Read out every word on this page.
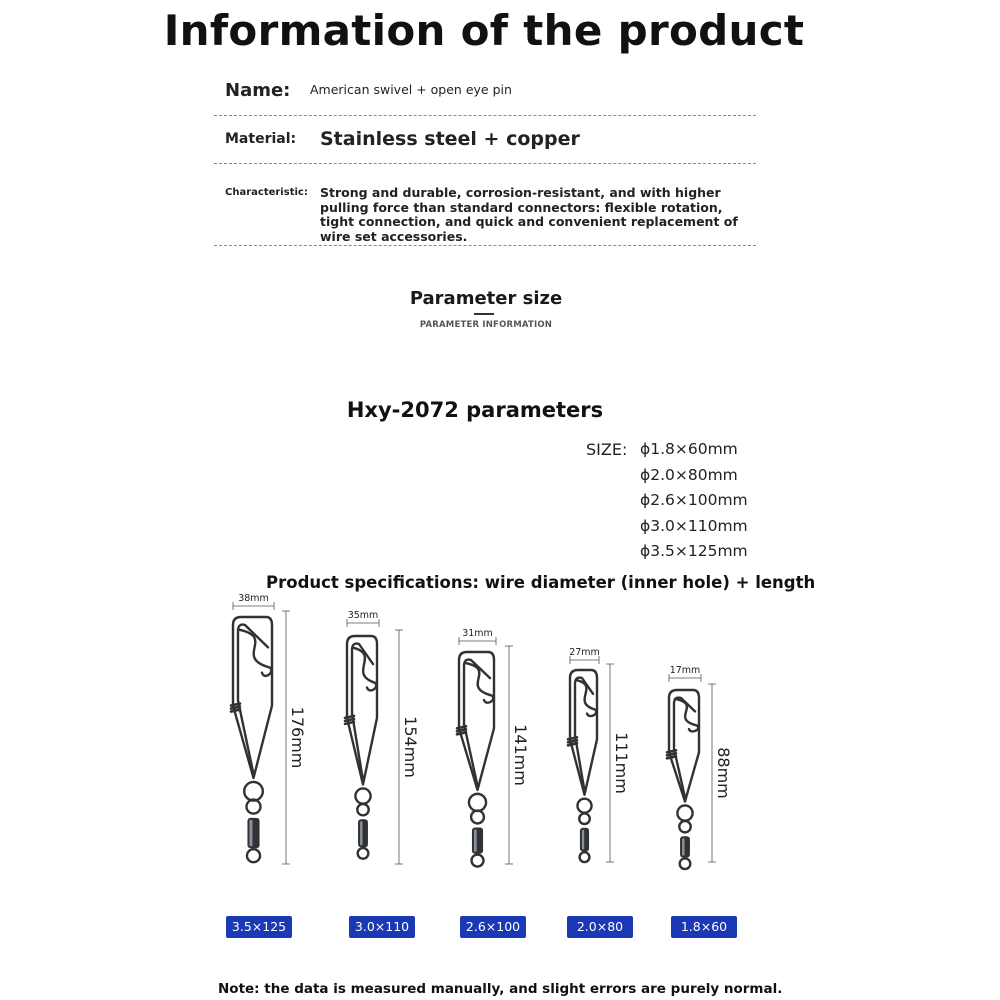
Information of the product
Name: American swivel + open eye pin
Material: Stainless steel + copper
Characteristic: Strong and durable, corrosion-resistant, and with higher pulling force than standard connectors: flexible rotation, tight connection, and quick and convenient replacement of wire set accessories.
Parameter size
PARAMETER INFORMATION
Hxy-2072 parameters
SIZE: ϕ1.8×60mm
ϕ2.0×80mm
ϕ2.6×100mm
ϕ3.0×110mm
ϕ3.5×125mm
Product specifications: wire diameter (inner hole) + length
38mm
176mm
35mm
154mm
31mm
141mm
27mm
111mm
17mm
88mm
3.5×125	3.0×110	2.6×100	2.0×80	1.8×60
Note: the data is measured manually, and slight errors are purely normal.
